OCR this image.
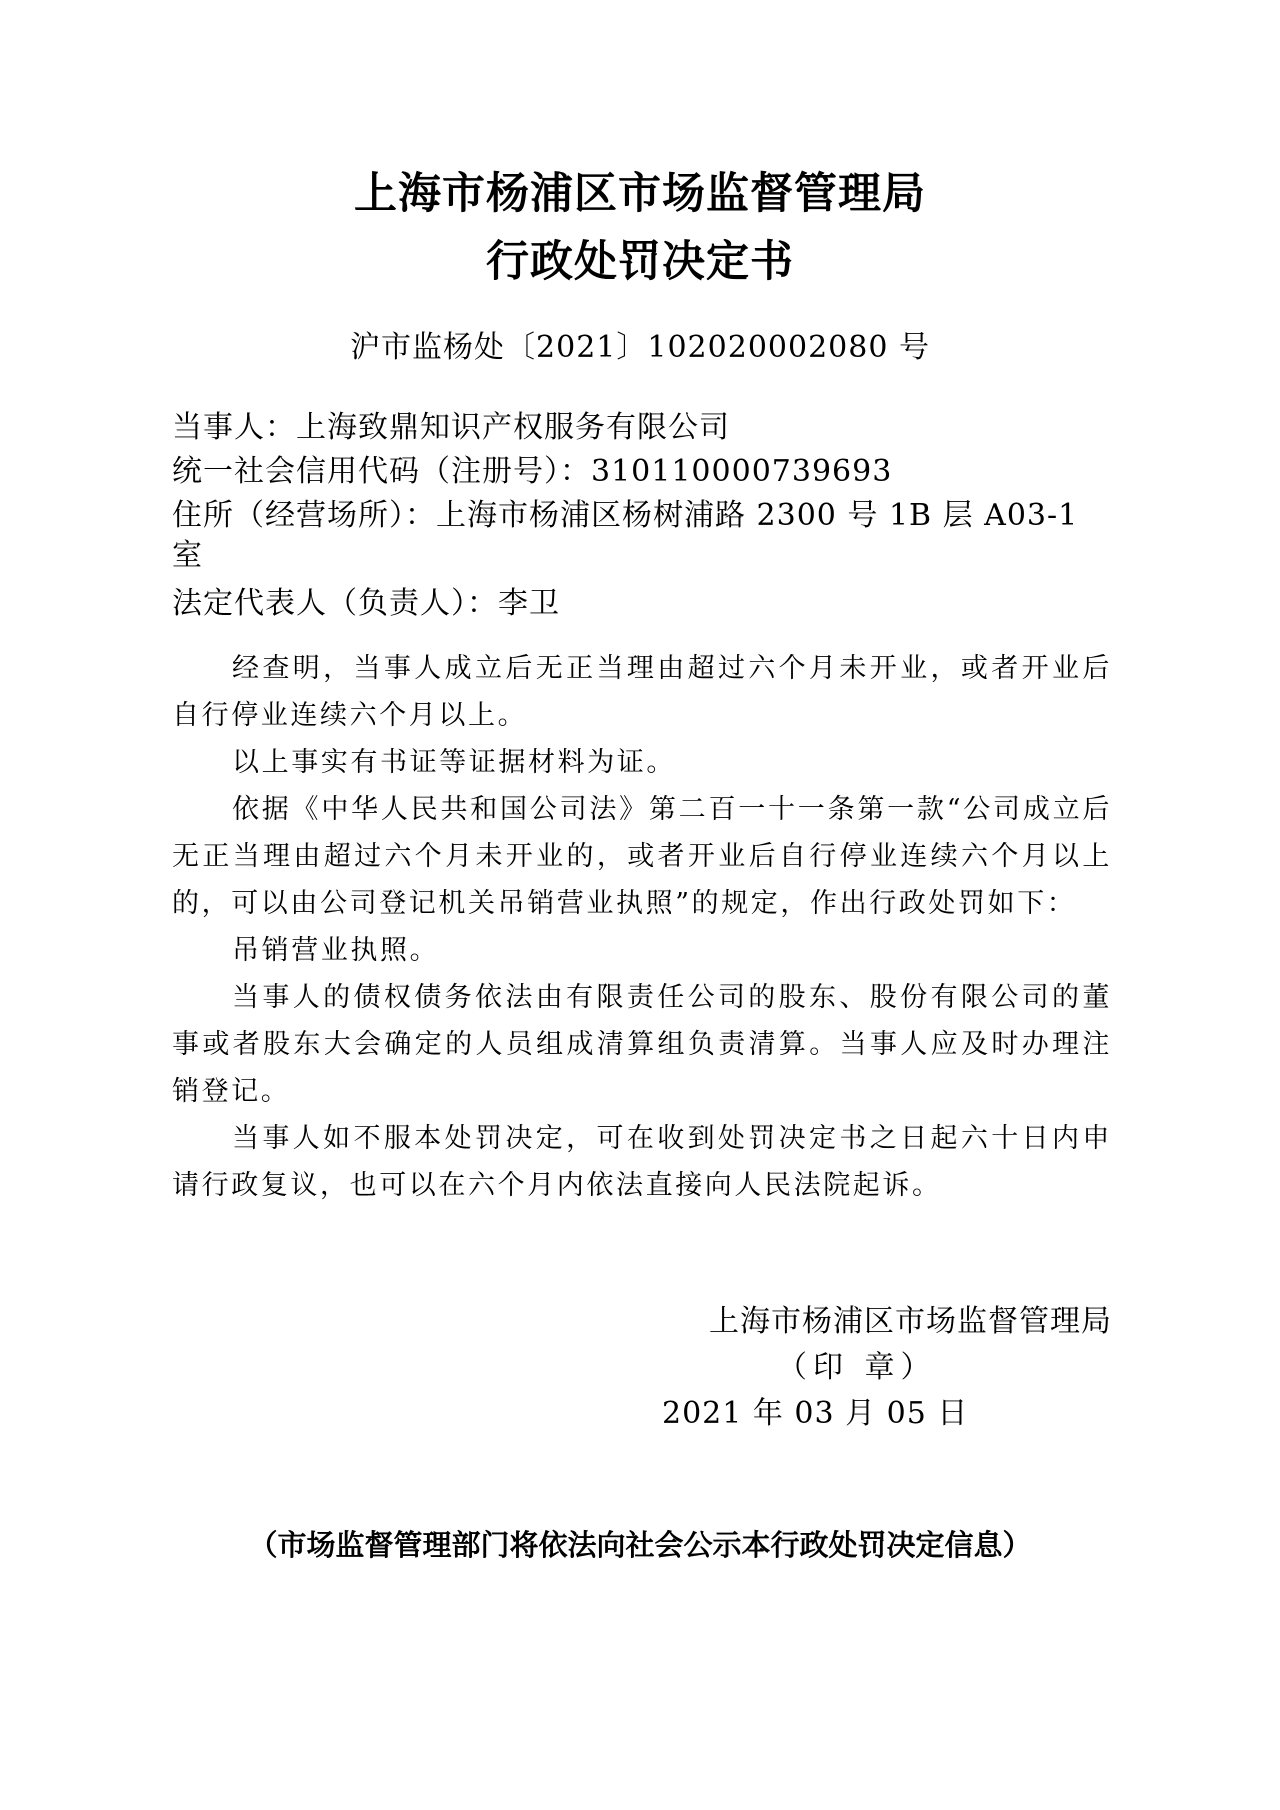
上海市杨浦区市场监督管理局
行政处罚决定书
沪市监杨处〔2021〕102020002080 号
当事人：上海致鼎知识产权服务有限公司
统一社会信用代码（注册号）：310110000739693
住所（经营场所）：上海市杨浦区杨树浦路 2300 号 1B 层 A03-1 室
法定代表人（负责人）：李卫

经查明，当事人成立后无正当理由超过六个月未开业，或者开业后自行停业连续六个月以上。

以上事实有书证等证据材料为证。

依据《中华人民共和国公司法》第二百一十一条第一款“公司成立后无正当理由超过六个月未开业的，或者开业后自行停业连续六个月以上的，可以由公司登记机关吊销营业执照”的规定，作出行政处罚如下：

吊销营业执照。

当事人的债权债务依法由有限责任公司的股东、股份有限公司的董事或者股东大会确定的人员组成清算组负责清算。当事人应及时办理注销登记。

当事人如不服本处罚决定，可在收到处罚决定书之日起六十日内申请行政复议，也可以在六个月内依法直接向人民法院起诉。

上海市杨浦区市场监督管理局
（印 章）
2021 年 03 月 05 日
（市场监督管理部门将依法向社会公示本行政处罚决定信息）
